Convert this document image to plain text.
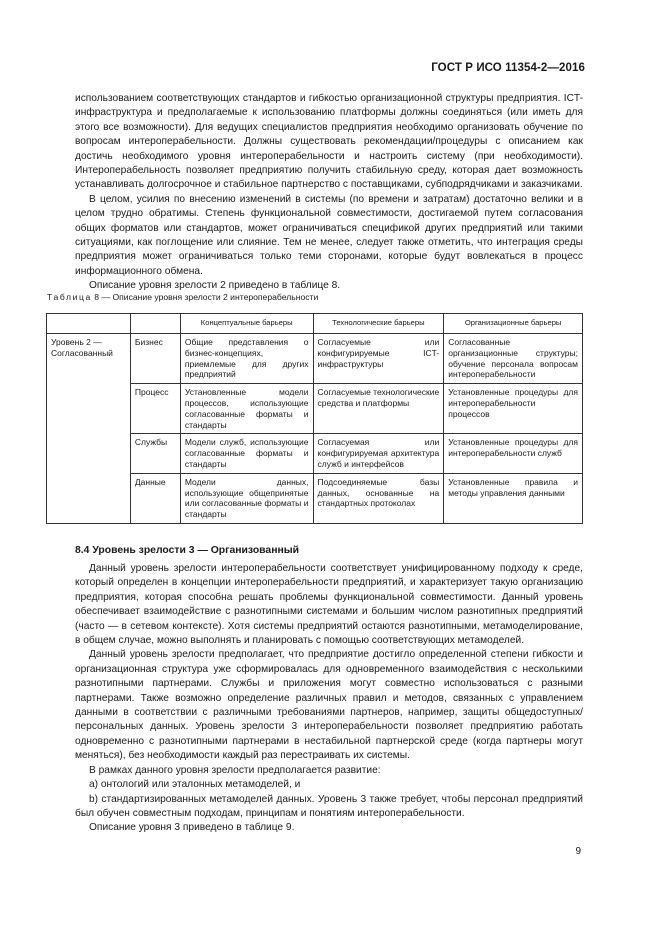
ГОСТ Р ИСО 11354-2—2016

использованием соответствующих стандартов и гибкостью организационной структуры предприятия. ICT-инфраструктура и предполагаемые к использованию платформы должны соединяться (или иметь для этого все возможности). Для ведущих специалистов предприятия необходимо организовать обучение по вопросам интероперабельности. Должны существовать рекомендации/процедуры с описанием как достичь необходимого уровня интероперабельности и настроить систему (при необходимости). Интероперабельность позволяет предприятию получить стабильную среду, которая дает возможность устанавливать долгосрочное и стабильное партнерство с поставщиками, субподрядчиками и заказчиками.

В целом, усилия по внесению изменений в системы (по времени и затратам) достаточно велики и в целом трудно обратимы. Степень функциональной совместимости, достигаемой путем согласования общих форматов или стандартов, может ограничиваться спецификой других предприятий или такими ситуациями, как поглощение или слияние. Тем не менее, следует также отметить, что интеграция среды предприятия может ограничиваться только теми сторонами, которые будут вовлекаться в процесс информационного обмена.

Описание уровня зрелости 2 приведено в таблице 8.

Таблица 8 — Описание уровня зрелости 2 интероперабельности
		Концептуальные барьеры	Технологические барьеры	Организационные барьеры
Уровень 2 — Согласованный	Бизнес	Общие представления о бизнес-концепциях, приемлемые для других предприятий	Согласуемые или конфигурируемые ICT-инфраструктуры	Согласованные организационные структуры; обучение персонала вопросам интероперабельности
	Процесс	Установленные модели процессов, использующие согласованные форматы и стандарты	Согласуемые технологические средства и платформы	Установленные процедуры для интероперабельности процессов
	Службы	Модели служб, использующие согласованные форматы и стандарты	Согласуемая или конфигурируемая архитектура служб и интерфейсов	Установленные процедуры для интероперабельности служб
	Данные	Модели данных, использующие общепринятые или согласованные форматы и стандарты	Подсоединяемые базы данных, основанные на стандартных протоколах	Установленные правила и методы управления данными
8.4 Уровень зрелости 3 — Организованный

Данный уровень зрелости интероперабельности соответствует унифицированному подходу к среде, который определен в концепции интероперабельности предприятий, и характеризует такую организацию предприятия, которая способна решать проблемы функциональной совместимости. Данный уровень обеспечивает взаимодействие с разнотипными системами и большим числом разнотипных предприятий (часто — в сетевом контексте). Хотя системы предприятий остаются разнотипными, метамоделирование, в общем случае, можно выполнять и планировать с помощью соответствующих метамоделей.

Данный уровень зрелости предполагает, что предприятие достигло определенной степени гибкости и организационная структура уже сформировалась для одновременного взаимодействия с несколькими разнотипными партнерами. Службы и приложения могут совместно использоваться с разными партнерами. Также возможно определение различных правил и методов, связанных с управлением данными в соответствии с различными требованиями партнеров, например, защиты общедоступных/персональных данных. Уровень зрелости 3 интероперабельности позволяет предприятию работать одновременно с разнотипными партнерами в нестабильной партнерской среде (когда партнеры могут меняться), без необходимости каждый раз перестраивать их системы.

В рамках данного уровня зрелости предполагается развитие:

a) онтологий или эталонных метамоделей, и

b) стандартизированных метамоделей данных. Уровень 3 также требует, чтобы персонал предприятий был обучен совместным подходам, принципам и понятиям интероперабельности.

Описание уровня 3 приведено в таблице 9.

9
